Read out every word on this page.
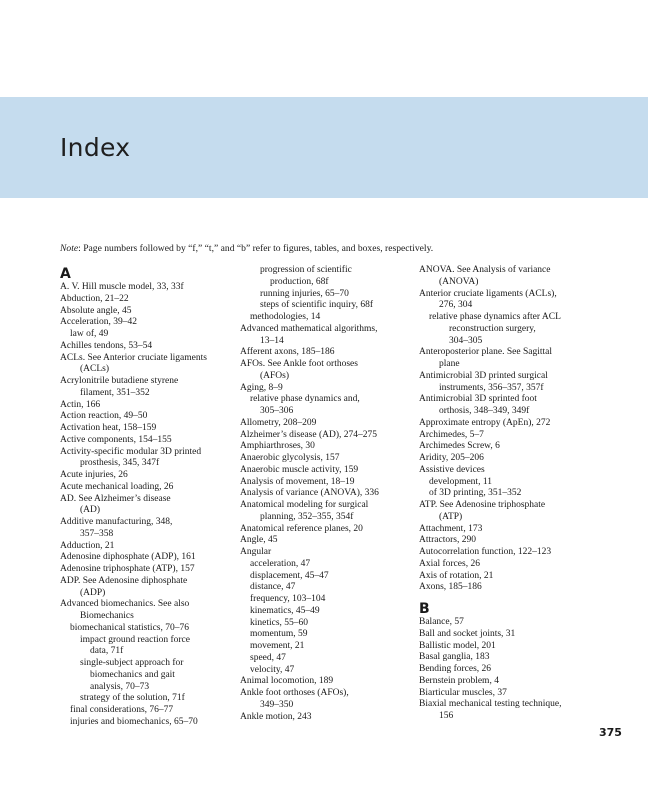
Index
Note: Page numbers followed by “f,” “t,” and “b” refer to figures, tables, and boxes, respectively.
A
A. V. Hill muscle model, 33, 33f
Abduction, 21–22
Absolute angle, 45
Acceleration, 39–42
law of, 49
Achilles tendons, 53–54
ACLs. See Anterior cruciate ligaments
(ACLs)
Acrylonitrile butadiene styrene
filament, 351–352
Actin, 166
Action reaction, 49–50
Activation heat, 158–159
Active components, 154–155
Activity-specific modular 3D printed
prosthesis, 345, 347f
Acute injuries, 26
Acute mechanical loading, 26
AD. See Alzheimer’s disease
(AD)
Additive manufacturing, 348,
357–358
Adduction, 21
Adenosine diphosphate (ADP), 161
Adenosine triphosphate (ATP), 157
ADP. See Adenosine diphosphate
(ADP)
Advanced biomechanics. See also
Biomechanics
biomechanical statistics, 70–76
impact ground reaction force
data, 71f
single-subject approach for
biomechanics and gait
analysis, 70–73
strategy of the solution, 71f
final considerations, 76–77
injuries and biomechanics, 65–70
progression of scientific
production, 68f
running injuries, 65–70
steps of scientific inquiry, 68f
methodologies, 14
Advanced mathematical algorithms,
13–14
Afferent axons, 185–186
AFOs. See Ankle foot orthoses
(AFOs)
Aging, 8–9
relative phase dynamics and,
305–306
Allometry, 208–209
Alzheimer’s disease (AD), 274–275
Amphiarthroses, 30
Anaerobic glycolysis, 157
Anaerobic muscle activity, 159
Analysis of movement, 18–19
Analysis of variance (ANOVA), 336
Anatomical modeling for surgical
planning, 352–355, 354f
Anatomical reference planes, 20
Angle, 45
Angular
acceleration, 47
displacement, 45–47
distance, 47
frequency, 103–104
kinematics, 45–49
kinetics, 55–60
momentum, 59
movement, 21
speed, 47
velocity, 47
Animal locomotion, 189
Ankle foot orthoses (AFOs),
349–350
Ankle motion, 243
ANOVA. See Analysis of variance
(ANOVA)
Anterior cruciate ligaments (ACLs),
276, 304
relative phase dynamics after ACL
reconstruction surgery,
304–305
Anteroposterior plane. See Sagittal
plane
Antimicrobial 3D printed surgical
instruments, 356–357, 357f
Antimicrobial 3D sprinted foot
orthosis, 348–349, 349f
Approximate entropy (ApEn), 272
Archimedes, 5–7
Archimedes Screw, 6
Aridity, 205–206
Assistive devices
development, 11
of 3D printing, 351–352
ATP. See Adenosine triphosphate
(ATP)
Attachment, 173
Attractors, 290
Autocorrelation function, 122–123
Axial forces, 26
Axis of rotation, 21
Axons, 185–186
B
Balance, 57
Ball and socket joints, 31
Ballistic model, 201
Basal ganglia, 183
Bending forces, 26
Bernstein problem, 4
Biarticular muscles, 37
Biaxial mechanical testing technique,
156
375
